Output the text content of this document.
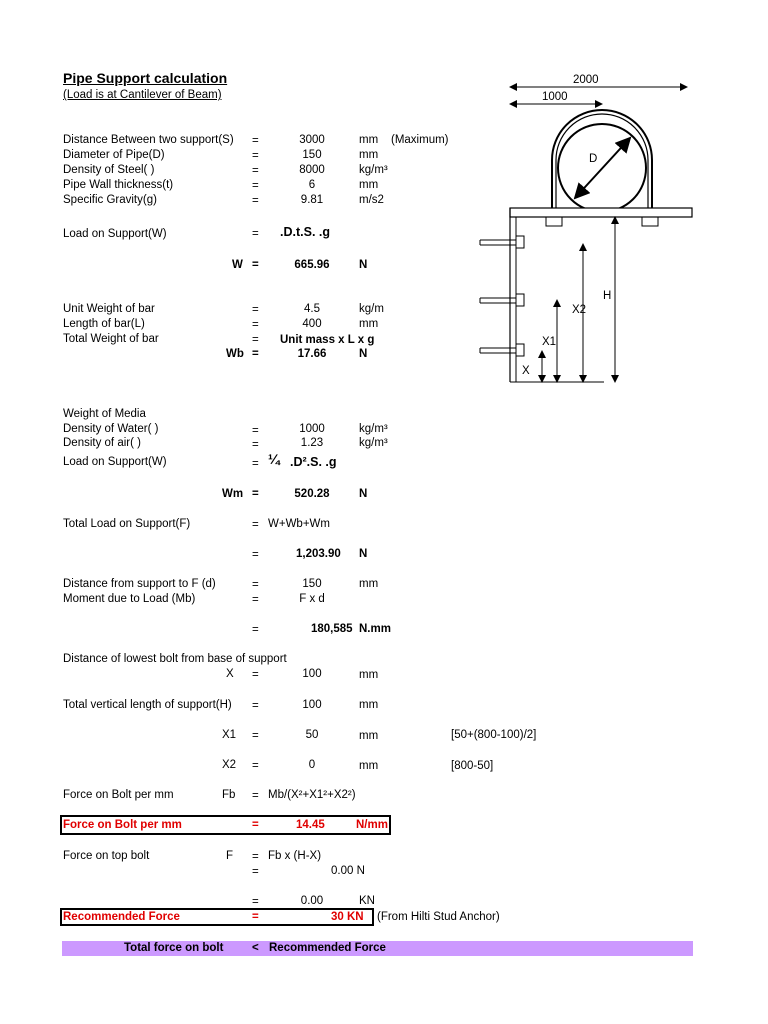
Pipe Support calculation
(Load is at Cantilever of Beam)
Distance Between two support(S) =	3000	mm (Maximum)
Diameter of Pipe(D)	=	150	mm
Density of Steel( )	=	8000	kg/m³
Pipe Wall thickness(t)	=	6	mm
Specific Gravity(g)	=	9.81	m/s2
Load on Support(W)	= .D.t.S. .g
W =	665.96	N
Unit Weight of bar	=	4.5	kg/m
Length of bar(L)	=	400	mm
Total Weight of bar	= Unit mass x L x g
Wb =	17.66	N
Weight of Media
Density of Water( )	=	1000	kg/m³
Density of air( )	=	1.23	kg/m³
Load on Support(W)	= ¼ .D².S. .g
Wm =	520.28	N
Total Load on Support(F)	= W+Wb+Wm
=	1,203.90 N
Distance from support to F (d)	=	150	mm
Moment due to Load (Mb)	=	F x d
=	180,585 N.mm
Distance of lowest bolt from base of support
X =	100	mm
Total vertical length of support(H) =	100	mm
X1 =	50	mm	[50+(800-100)/2]
X2 =	0	mm	[800-50]
Force on Bolt per mm	Fb = Mb/(X²+X1²+X2²)
Force on Bolt per mm	=	14.45	N/mm
Force on top bolt	F = Fb x (H-X)
=	0.00 N
=	0.00	KN
Recommended Force	=	30 KN (From Hilti Stud Anchor)
Total force on bolt < Recommended Force
2000
1000
D
H
X2
X1
X
